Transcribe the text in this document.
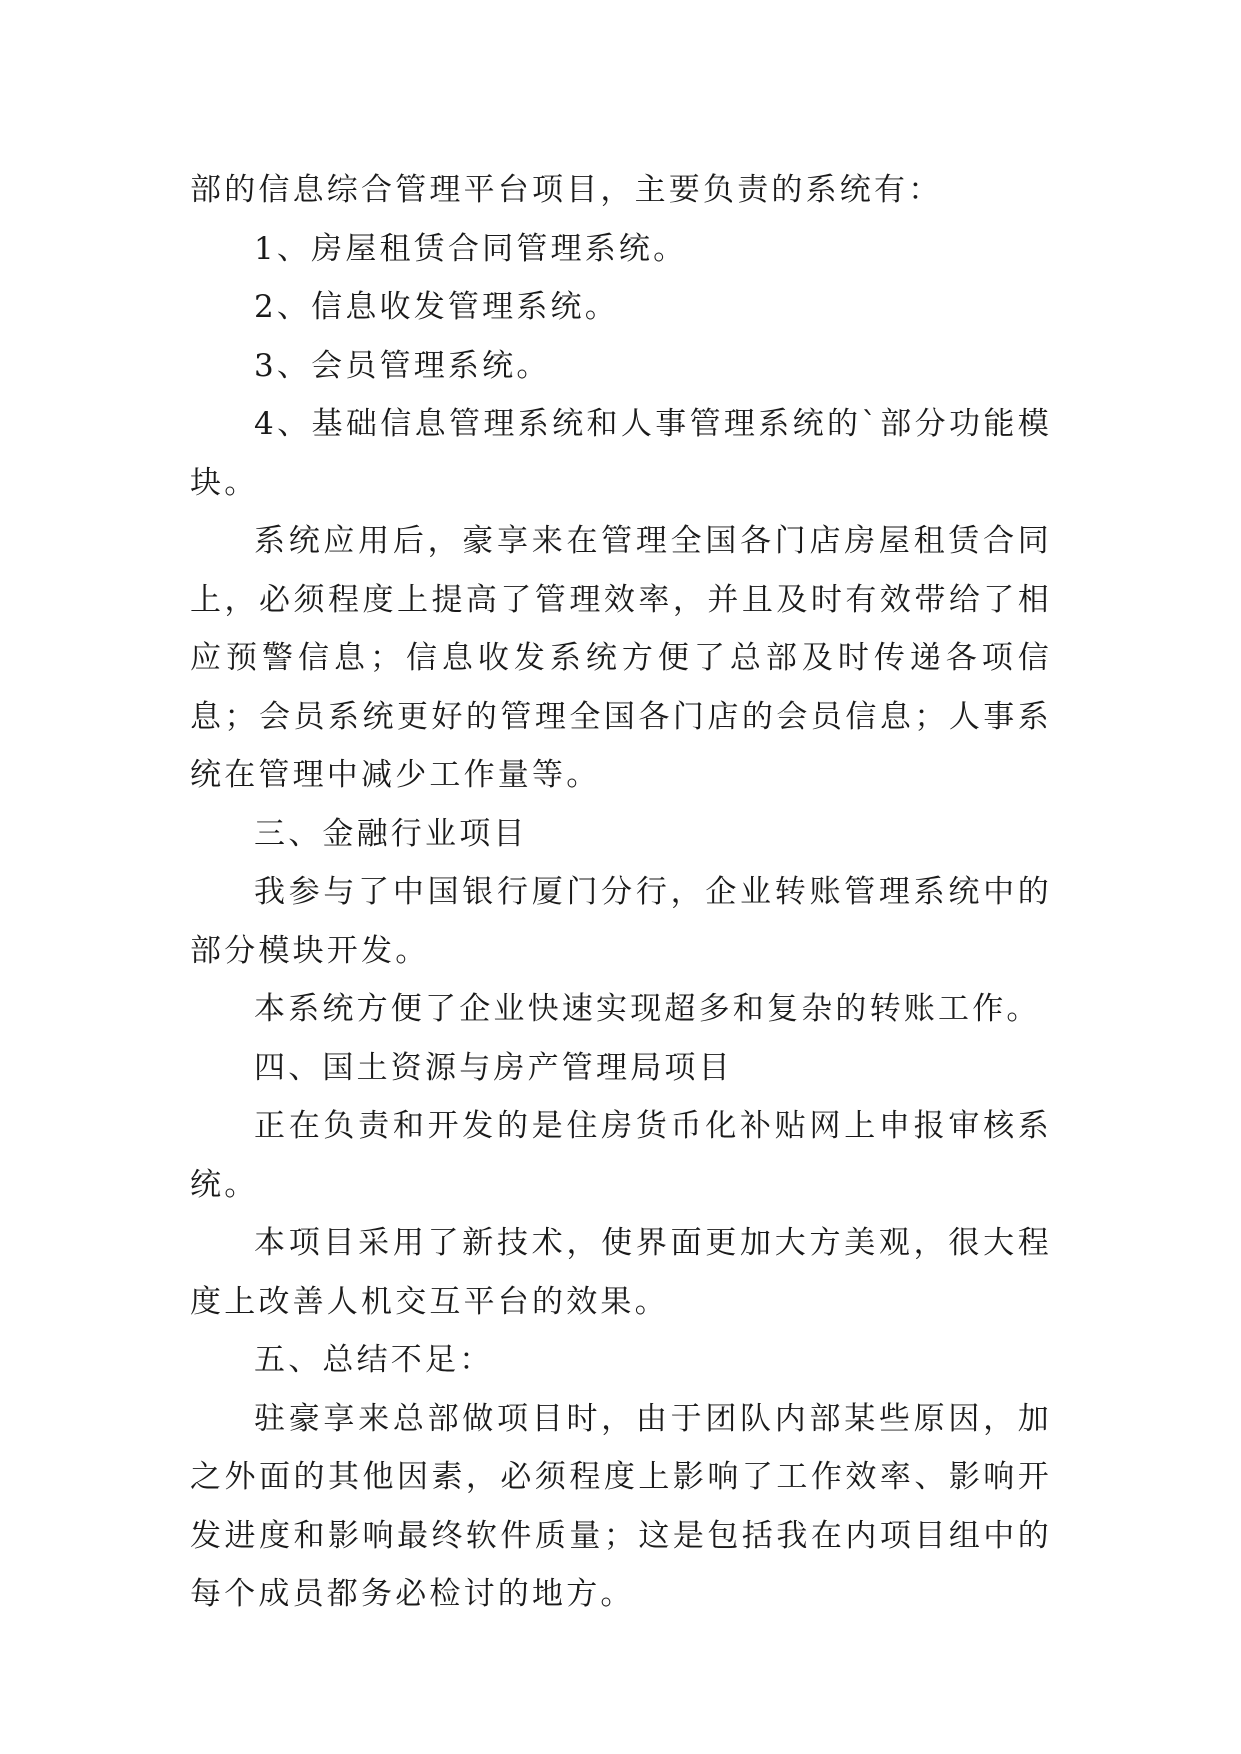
部的信息综合管理平台项目，主要负责的系统有：

1、房屋租赁合同管理系统。

2、信息收发管理系统。

3、会员管理系统。

4、基础信息管理系统和人事管理系统的`部分功能模块。

系统应用后，豪享来在管理全国各门店房屋租赁合同上，必须程度上提高了管理效率，并且及时有效带给了相应预警信息；信息收发系统方便了总部及时传递各项信息；会员系统更好的管理全国各门店的会员信息；人事系统在管理中减少工作量等。

三、金融行业项目

我参与了中国银行厦门分行，企业转账管理系统中的部分模块开发。

本系统方便了企业快速实现超多和复杂的转账工作。

四、国土资源与房产管理局项目

正在负责和开发的是住房货币化补贴网上申报审核系统。

本项目采用了新技术，使界面更加大方美观，很大程度上改善人机交互平台的效果。

五、总结不足：

驻豪享来总部做项目时，由于团队内部某些原因，加之外面的其他因素，必须程度上影响了工作效率、影响开发进度和影响最终软件质量；这是包括我在内项目组中的每个成员都务必检讨的地方。
